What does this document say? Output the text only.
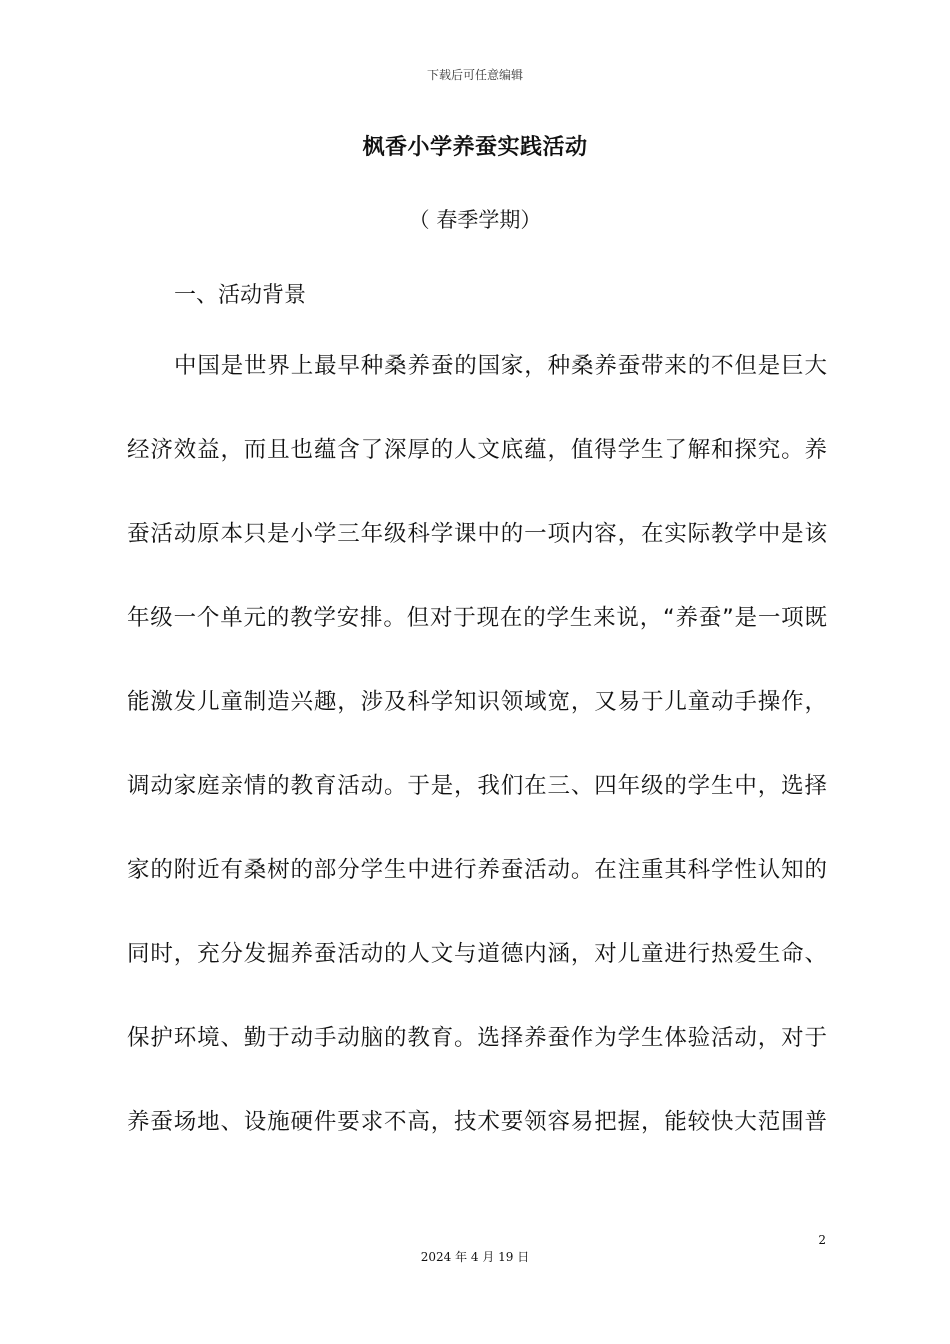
下载后可任意编辑
枫香小学养蚕实践活动
（ 春季学期）
一、活动背景
中国是世界上最早种桑养蚕的国家，种桑养蚕带来的不但是巨大
经济效益，而且也蕴含了深厚的人文底蕴，值得学生了解和探究。养
蚕活动原本只是小学三年级科学课中的一项内容，在实际教学中是该
年级一个单元的教学安排。但对于现在的学生来说，“养蚕”是一项既
能激发儿童制造兴趣，涉及科学知识领域宽，又易于儿童动手操作，
调动家庭亲情的教育活动。于是，我们在三、四年级的学生中，选择
家的附近有桑树的部分学生中进行养蚕活动。在注重其科学性认知的
同时，充分发掘养蚕活动的人文与道德内涵，对儿童进行热爱生命、
保护环境、勤于动手动脑的教育。选择养蚕作为学生体验活动，对于
养蚕场地、设施硬件要求不高，技术要领容易把握，能较快大范围普
2
2024 年 4 月 19 日
